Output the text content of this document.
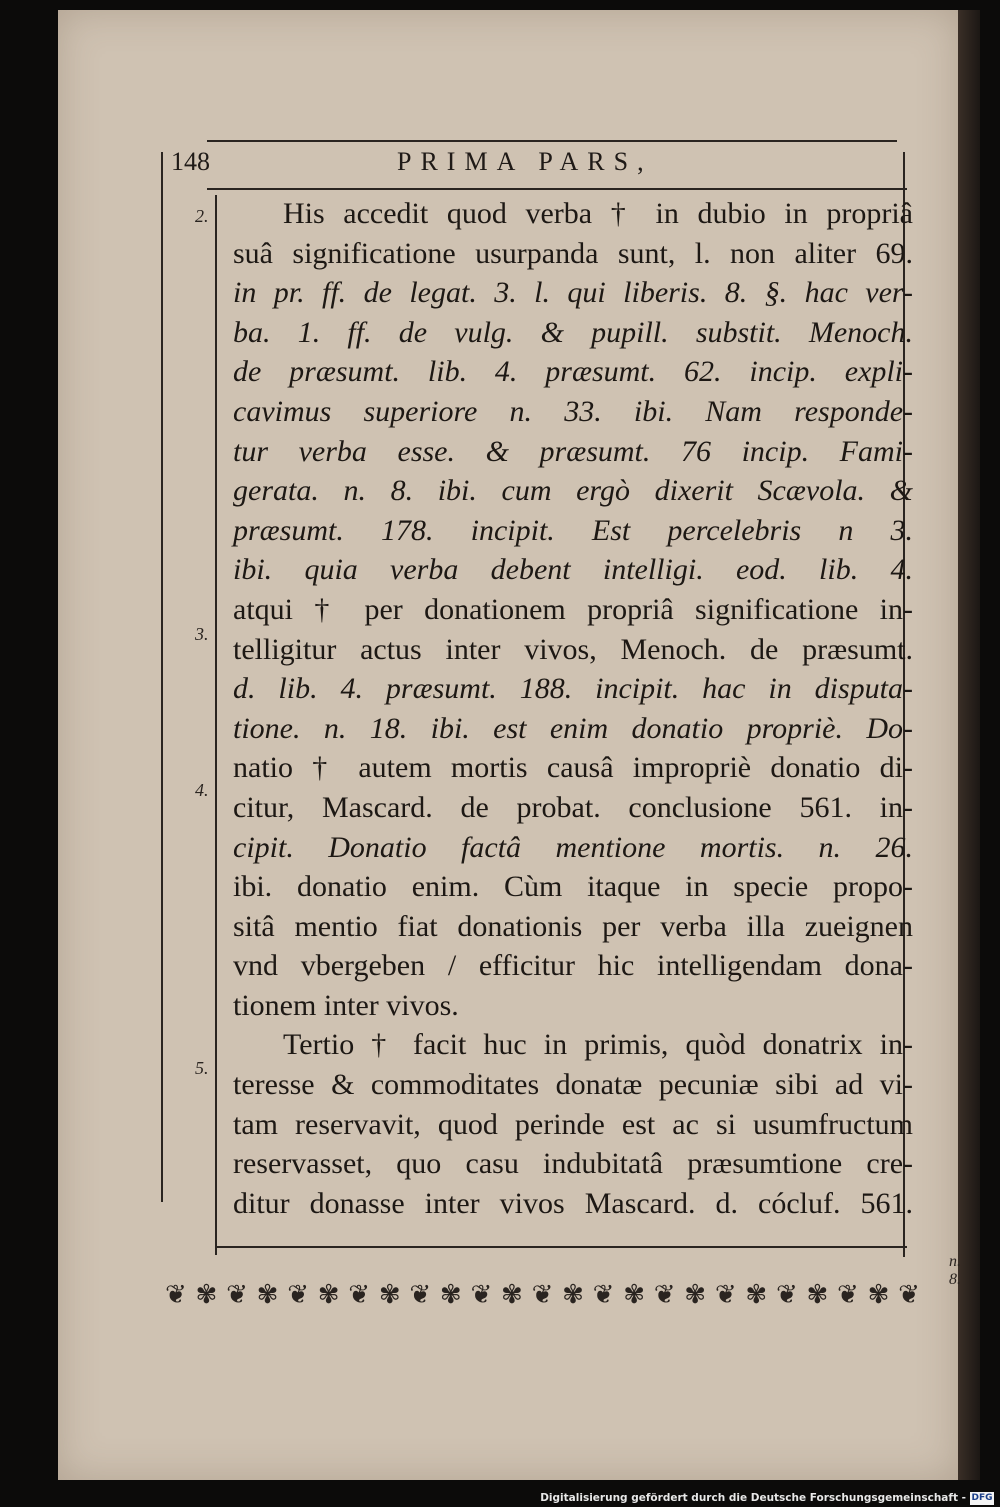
148	PRIMA PARS,
2.
3.
4.
5.
His accedit quod verba † in dubio in propriâ
suâ significatione usurpanda sunt, l. non aliter 69.
in pr. ff. de legat. 3. l. qui liberis. 8. §. hac ver-
ba. 1. ff. de vulg. & pupill. substit. Menoch.
de præsumt. lib. 4. præsumt. 62. incip. expli-
cavimus superiore n. 33. ibi. Nam responde-
tur verba esse. & præsumt. 76 incip. Fami-
gerata. n. 8. ibi. cum ergò dixerit Scævola. &
præsumt. 178. incipit. Est percelebris n 3.
ibi. quia verba debent intelligi. eod. lib. 4.
atqui † per donationem propriâ significatione in-
telligitur actus inter vivos, Menoch. de præsumt.
d. lib. 4. præsumt. 188. incipit. hac in disputa-
tione. n. 18. ibi. est enim donatio propriè. Do-
natio † autem mortis causâ impropriè donatio di-
citur, Mascard. de probat. conclusione 561. in-
cipit. Donatio factâ mentione mortis. n. 26.
ibi. donatio enim. Cùm itaque in specie propo-
sitâ mentio fiat donationis per verba illa zueignen
vnd vbergeben / efficitur hic intelligendam dona-
tionem inter vivos.
Tertio † facit huc in primis, quòd donatrix in-
teresse & commoditates donatæ pecuniæ sibi ad vi-
tam reservavit, quod perinde est ac si usumfructum
reservasset, quo casu indubitatâ præsumtione cre-
ditur donasse inter vivos Mascard. d. cócluf. 561.
n. 8.
❦ ✾ ❦ ✾ ❦ ✾ ❦ ✾ ❦ ✾ ❦ ✾ ❦ ✾ ❦ ✾ ❦ ✾ ❦ ✾ ❦ ✾ ❦ ✾ ❦
Digitalisierung gefördert durch die Deutsche Forschungsgemeinschaft - DFG
